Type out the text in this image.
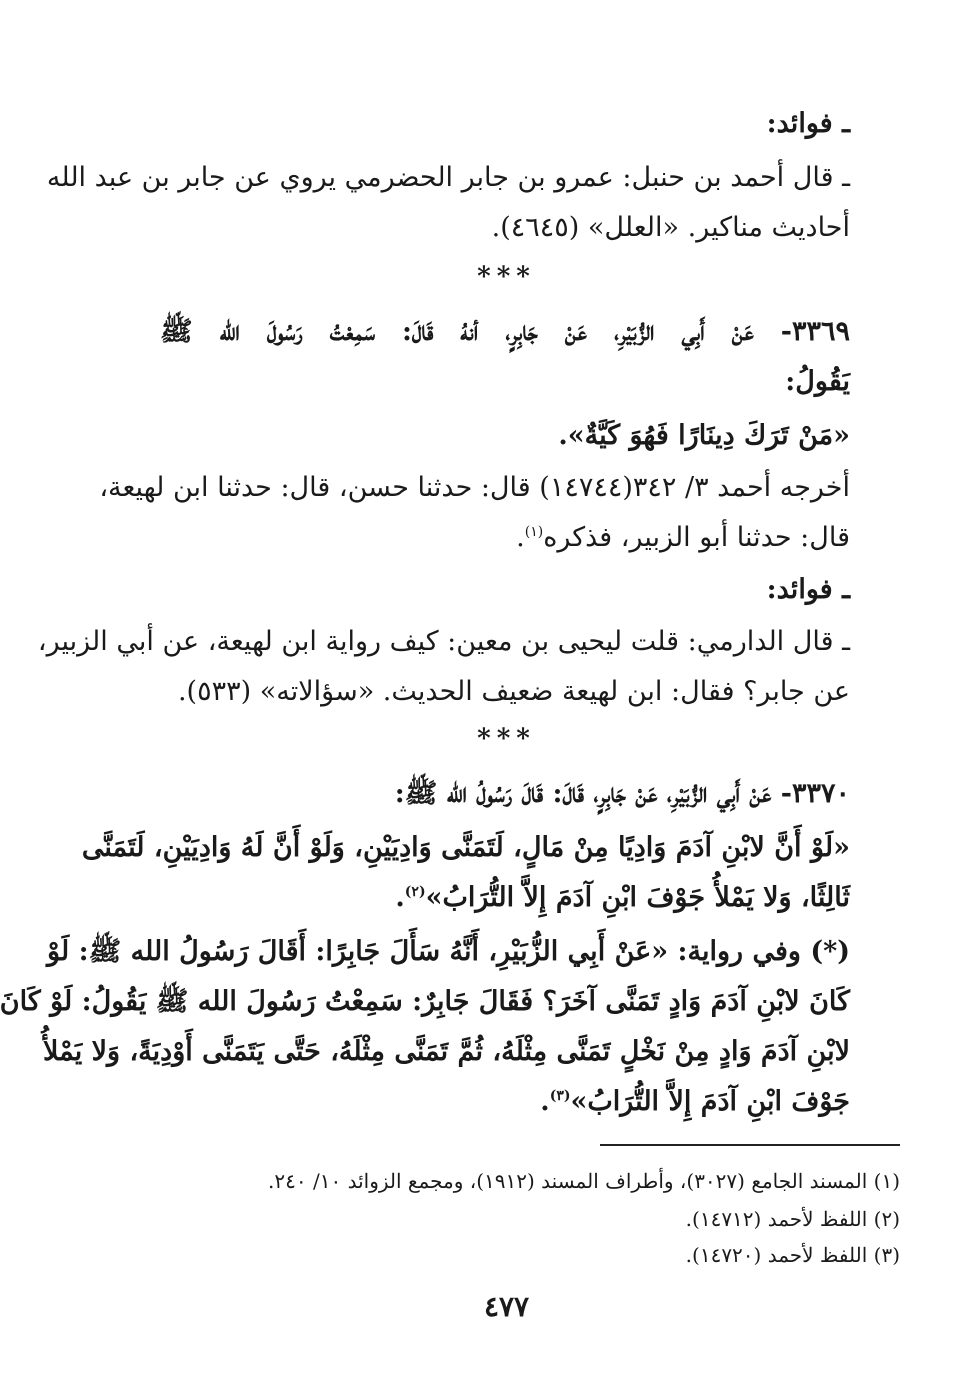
ـ فوائد:
ـ قال أحمد بن حنبل: عمرو بن جابر الحضرمي يروي عن جابر بن عبد الله
أحاديث مناكير. «العلل» (٤٦٤٥).
***
٣٣٦٩- عَنْ أَبِي الزُّبَيْرِ، عَنْ جَابِرٍ، أنهُ قَالَ: سَمِعْتُ رَسُولَ الله ﷺ
يَقُولُ:
«مَنْ تَرَكَ دِينَارًا فَهُوَ كَيَّةٌ».
أخرجه أحمد ٣/ ٣٤٢(١٤٧٤٤) قال: حدثنا حسن، قال: حدثنا ابن لهيعة،
قال: حدثنا أبو الزبير، فذكره$^{(١)}$.
ـ فوائد:
ـ قال الدارمي: قلت ليحيى بن معين: كيف رواية ابن لهيعة، عن أبي الزبير،
عن جابر؟ فقال: ابن لهيعة ضعيف الحديث. «سؤالاته» (٥٣٣).
***
٣٣٧٠- عَنْ أَبِي الزُّبَيْرِ، عَنْ جَابِرٍ، قَالَ: قَالَ رَسُولُ الله ﷺ:
«لَوْ أَنَّ لابْنِ آدَمَ وَادِيًا مِنْ مَالٍ، لَتَمَنَّى وَادِيَيْنِ، وَلَوْ أَنَّ لَهُ وَادِيَيْنِ، لَتَمَنَّى
ثَالِثًا، وَلا يَمْلأُ جَوْفَ ابْنِ آدَمَ إِلاَّ التُّرَابُ»$^{(٢)}$.
(*) وفي رواية: «عَنْ أَبِي الزُّبَيْرِ، أَنَّهُ سَأَلَ جَابِرًا: أَقَالَ رَسُولُ الله ﷺ: لَوْ
كَانَ لابْنِ آدَمَ وَادٍ تَمَنَّى آخَرَ؟ فَقَالَ جَابِرٌ: سَمِعْتُ رَسُولَ الله ﷺ يَقُولُ: لَوْ كَانَ
لابْنِ آدَمَ وَادٍ مِنْ نَخْلٍ تَمَنَّى مِثْلَهُ، ثُمَّ تَمَنَّى مِثْلَهُ، حَتَّى يَتَمَنَّى أَوْدِيَةً، وَلا يَمْلأُ
جَوْفَ ابْنِ آدَمَ إِلاَّ التُّرَابُ»$^{(٣)}$.
(١) المسند الجامع (٣٠٢٧)، وأطراف المسند (١٩١٢)، ومجمع الزوائد ١٠/ ٢٤٠.
(٢) اللفظ لأحمد (١٤٧١٢).
(٣) اللفظ لأحمد (١٤٧٢٠).
٤٧٧
